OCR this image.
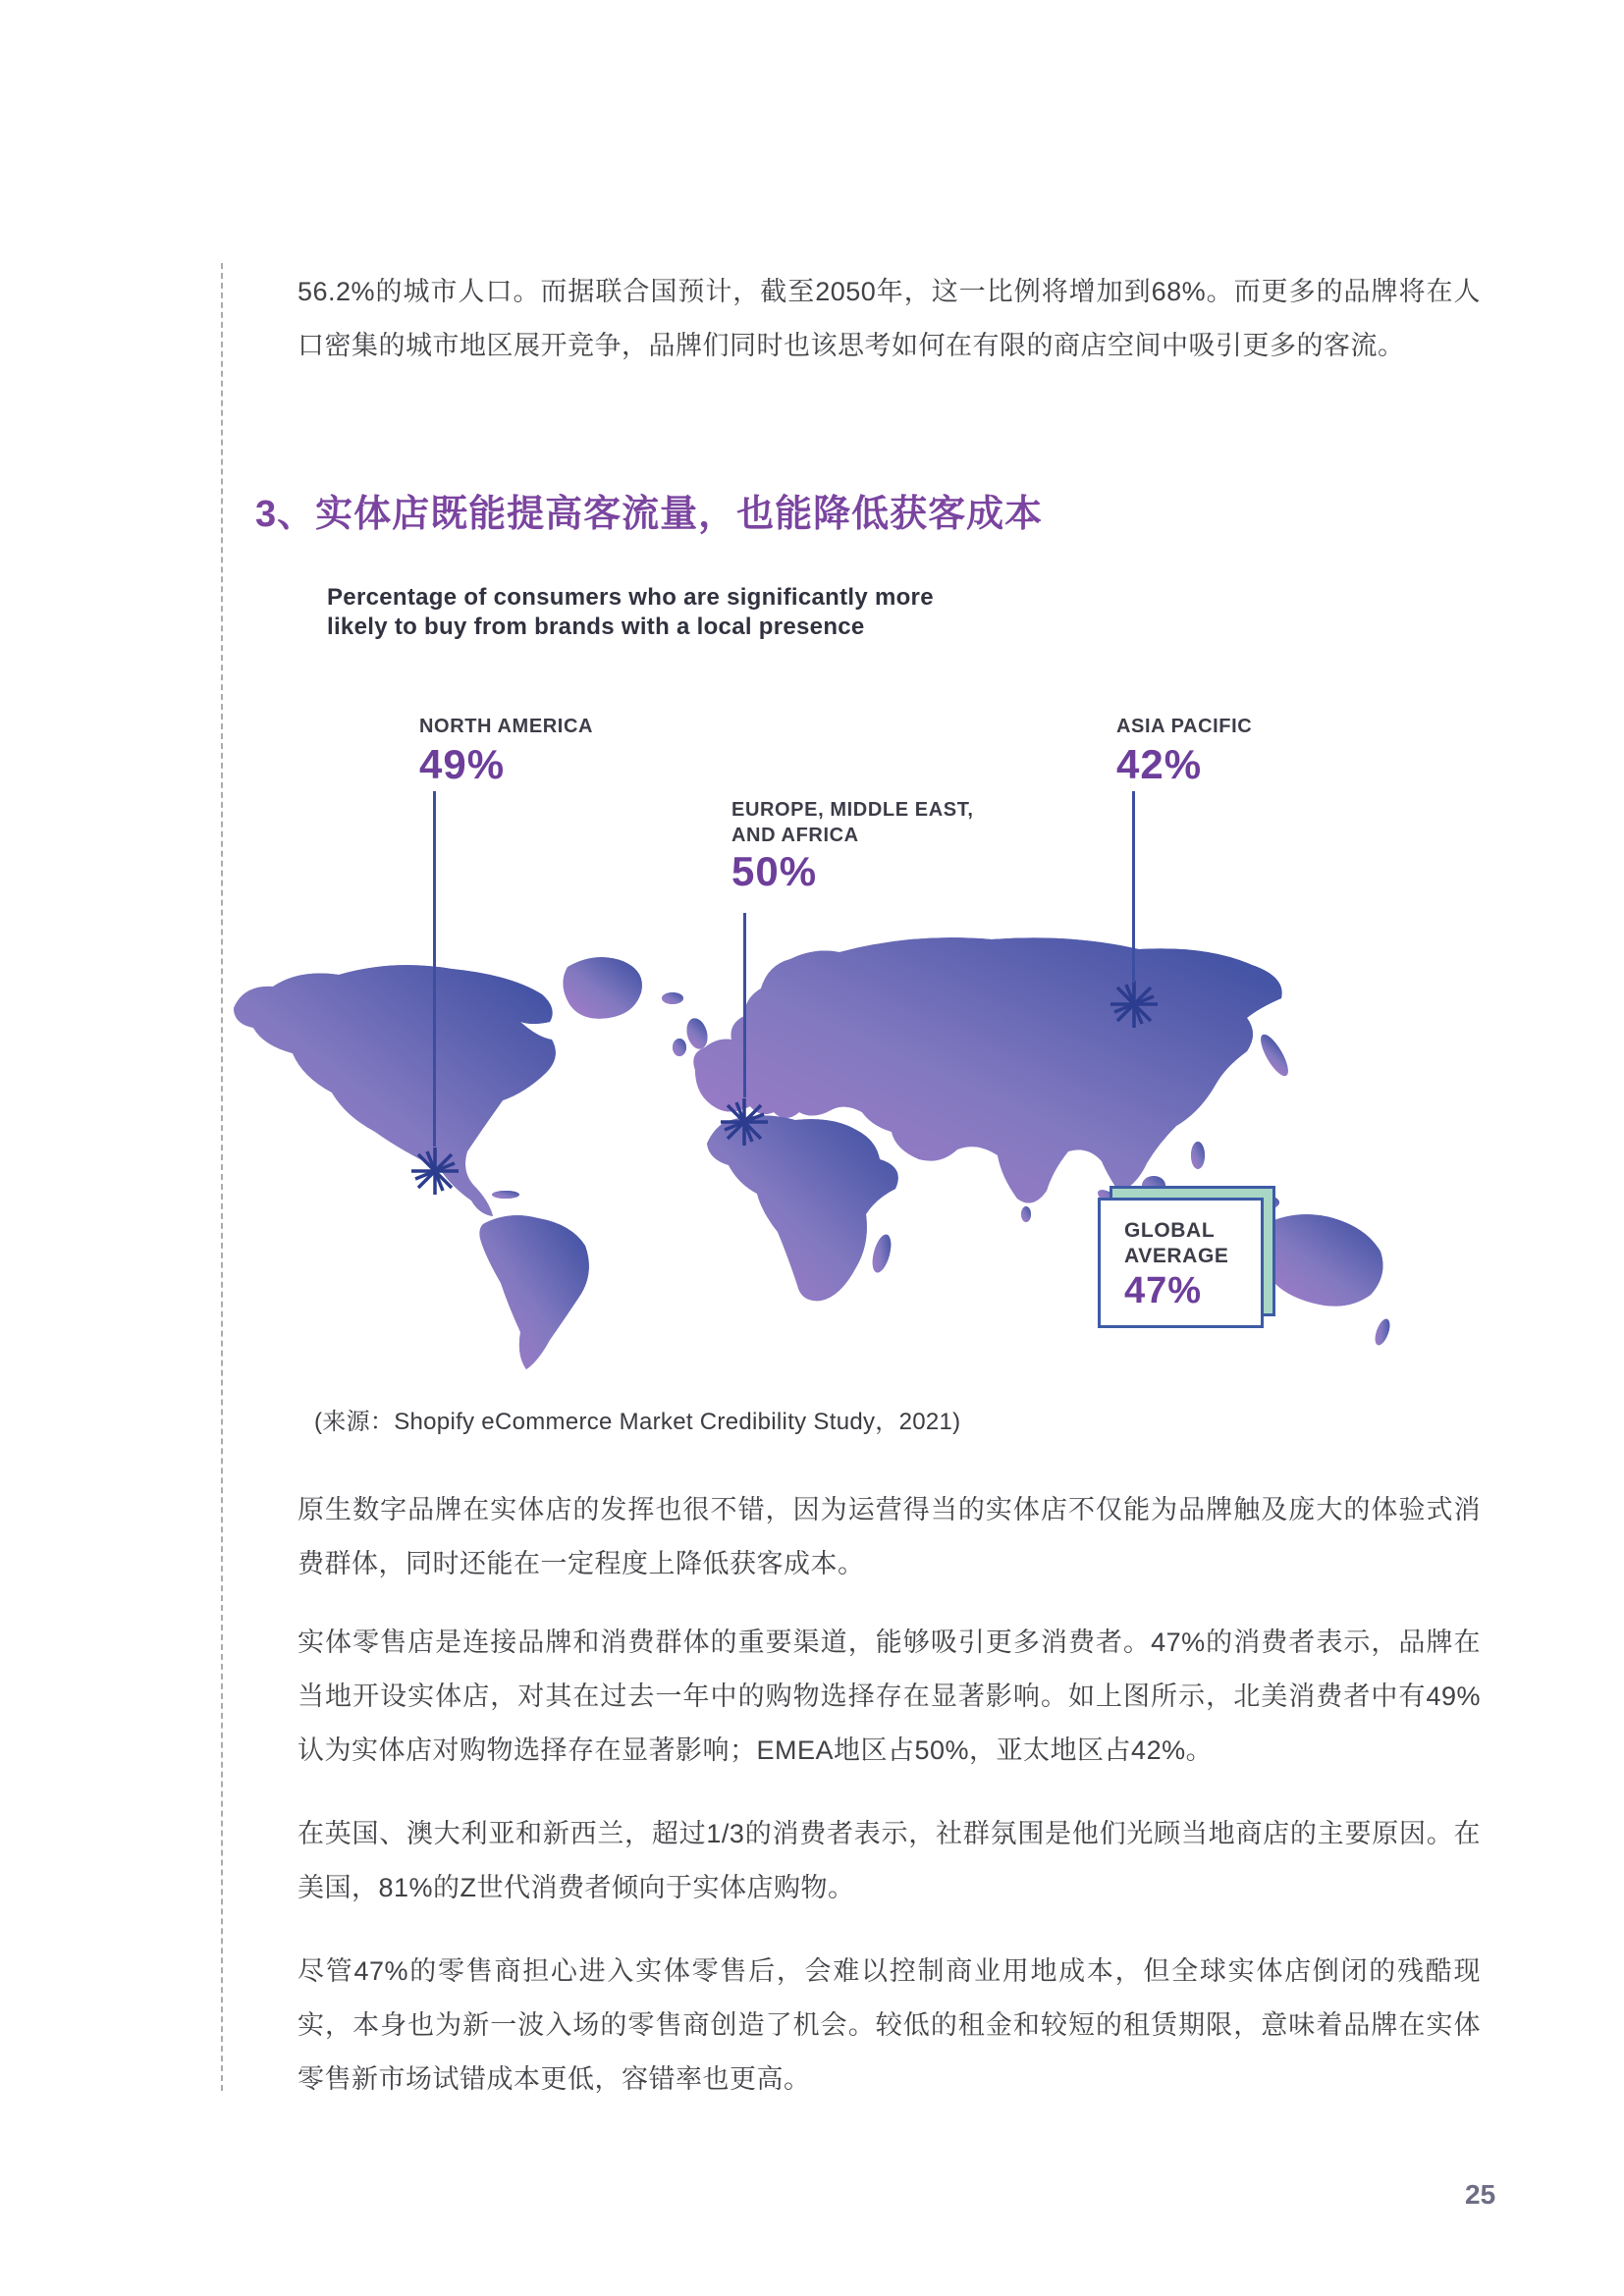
56.2%的城市人口。而据联合国预计，截至2050年，这一比例将增加到68%。而更多的品牌将在人口密集的城市地区展开竞争，品牌们同时也该思考如何在有限的商店空间中吸引更多的客流。
3、实体店既能提高客流量，也能降低获客成本
Percentage of consumers who are significantly more
likely to buy from brands with a local presence
NORTH AMERICA
49%
EUROPE, MIDDLE EAST,
AND AFRICA
50%
ASIA PACIFIC
42%
GLOBAL
AVERAGE
47%
(来源：Shopify eCommerce Market Credibility Study，2021)
原生数字品牌在实体店的发挥也很不错，因为运营得当的实体店不仅能为品牌触及庞大的体验式消费群体，同时还能在一定程度上降低获客成本。
实体零售店是连接品牌和消费群体的重要渠道，能够吸引更多消费者。47%的消费者表示，品牌在当地开设实体店，对其在过去一年中的购物选择存在显著影响。如上图所示，北美消费者中有49%认为实体店对购物选择存在显著影响；EMEA地区占50%，亚太地区占42%。
在英国、澳大利亚和新西兰，超过1/3的消费者表示，社群氛围是他们光顾当地商店的主要原因。在美国，81%的Z世代消费者倾向于实体店购物。
尽管47%的零售商担心进入实体零售后，会难以控制商业用地成本，但全球实体店倒闭的残酷现实，本身也为新一波入场的零售商创造了机会。较低的租金和较短的租赁期限，意味着品牌在实体零售新市场试错成本更低，容错率也更高。
25
